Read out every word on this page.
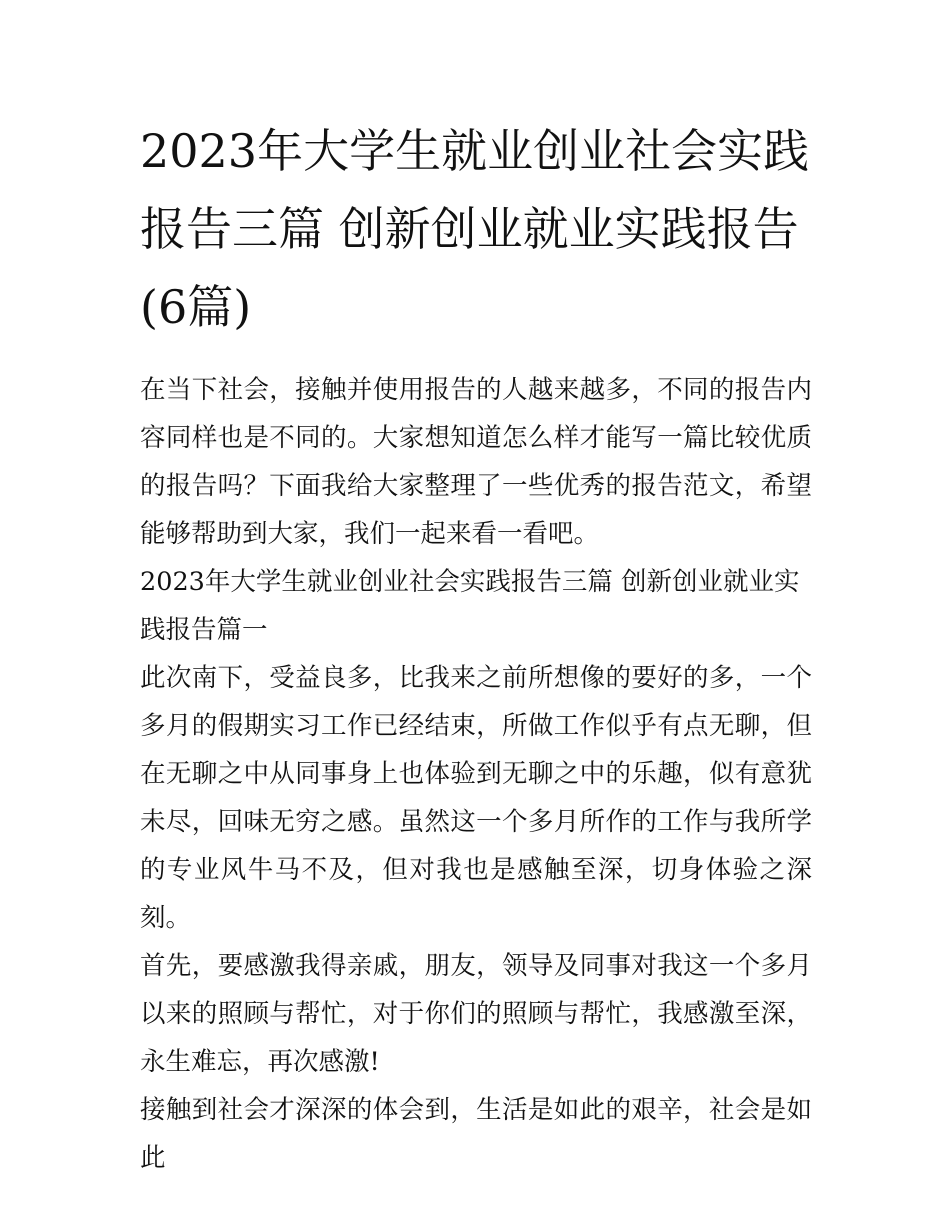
2023年大学生就业创业社会实践报告三篇 创新创业就业实践报告(6篇)

在当下社会，接触并使用报告的人越来越多，不同的报告内容同样也是不同的。大家想知道怎么样才能写一篇比较优质的报告吗？下面我给大家整理了一些优秀的报告范文，希望能够帮助到大家，我们一起来看一看吧。

2023年大学生就业创业社会实践报告三篇 创新创业就业实践报告篇一

此次南下，受益良多，比我来之前所想像的要好的多，一个多月的假期实习工作已经结束，所做工作似乎有点无聊，但在无聊之中从同事身上也体验到无聊之中的乐趣，似有意犹未尽，回味无穷之感。虽然这一个多月所作的工作与我所学的专业风牛马不及，但对我也是感触至深，切身体验之深刻。

首先，要感激我得亲戚，朋友，领导及同事对我这一个多月以来的照顾与帮忙，对于你们的照顾与帮忙，我感激至深，永生难忘，再次感激!

接触到社会才深深的体会到，生活是如此的艰辛，社会是如此
